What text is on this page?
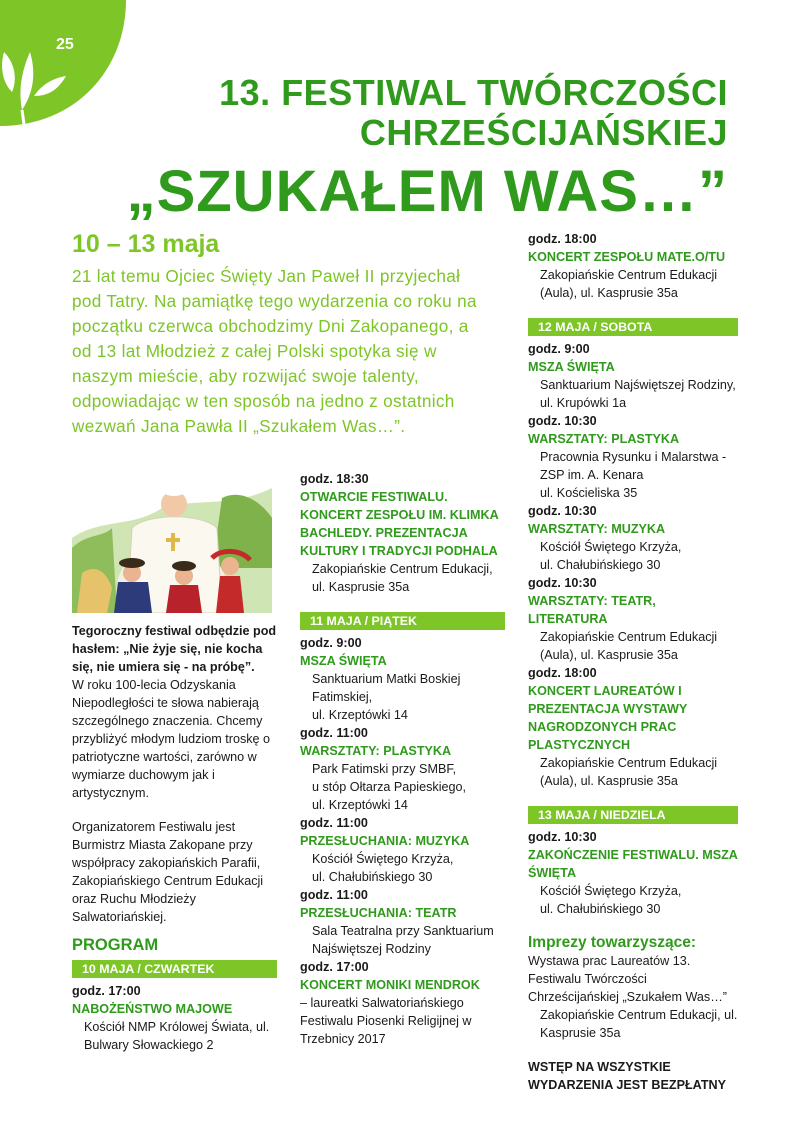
25
13. FESTIWAL TWÓRCZOŚCI
CHRZEŚCIJAŃSKIEJ
„SZUKAŁEM WAS…”
10 – 13 maja
21 lat temu Ojciec Święty Jan Paweł II przyjechał pod Tatry. Na pamiątkę tego wydarzenia co roku na początku czerwca obchodzimy Dni Zakopanego, a od 13 lat Młodzież z całej Polski spotyka się w naszym mieście, aby rozwijać swoje talenty, odpowiadając w ten sposób na jedno z ostatnich wezwań Jana Pawła II „Szukałem Was…”.
Tegoroczny festiwal odbędzie pod hasłem: „Nie żyje się, nie kocha się, nie umiera się - na próbę”.
W roku 100-lecia Odzyskania Niepodległości te słowa nabierają szczególnego znaczenia. Chcemy przybliżyć młodym ludziom troskę o patriotyczne wartości, zarówno w wymiarze duchowym jak i artystycznym.
Organizatorem Festiwalu jest Burmistrz Miasta Zakopane przy współpracy zakopiańskich Parafii, Zakopiańskiego Centrum Edukacji oraz Ruchu Młodzieży Salwatoriańskiej.
PROGRAM
10 MAJA / CZWARTEK
godz. 17:00
NABOŻEŃSTWO MAJOWE
Kościół NMP Królowej Świata, ul. Bulwary Słowackiego 2
godz. 18:30
OTWARCIE FESTIWALU. KONCERT ZESPOŁU IM. KLIMKA BACHLEDY. PREZENTACJA KULTURY I TRADYCJI PODHALA
Zakopiańskie Centrum Edukacji, ul. Kasprusie 35a
11 MAJA / PIĄTEK
godz. 9:00
MSZA ŚWIĘTA
Sanktuarium Matki Boskiej Fatimskiej,
ul. Krzeptówki 14
godz. 11:00
WARSZTATY: PLASTYKA
Park Fatimski przy SMBF,
u stóp Ołtarza Papieskiego,
ul. Krzeptówki 14
godz. 11:00
PRZESŁUCHANIA: MUZYKA
Kościół Świętego Krzyża,
ul. Chałubińskiego 30
godz. 11:00
PRZESŁUCHANIA: TEATR
Sala Teatralna przy Sanktuarium Najświętszej Rodziny
godz. 17:00
KONCERT MONIKI MENDROK
– laureatki Salwatoriańskiego Festiwalu Piosenki Religijnej w Trzebnicy 2017
godz. 18:00
KONCERT ZESPOŁU MATE.O/TU
Zakopiańskie Centrum Edukacji (Aula), ul. Kasprusie 35a
12 MAJA / SOBOTA
godz. 9:00
MSZA ŚWIĘTA
Sanktuarium Najświętszej Rodziny, ul. Krupówki 1a
godz. 10:30
WARSZTATY: PLASTYKA
Pracownia Rysunku i Malarstwa - ZSP im. A. Kenara
ul. Kościeliska 35
godz. 10:30
WARSZTATY: MUZYKA
Kościół Świętego Krzyża,
ul. Chałubińskiego 30
godz. 10:30
WARSZTATY: TEATR, LITERATURA
Zakopiańskie Centrum Edukacji (Aula), ul. Kasprusie 35a
godz. 18:00
KONCERT LAUREATÓW I PREZENTACJA WYSTAWY NAGRODZONYCH PRAC PLASTYCZNYCH
Zakopiańskie Centrum Edukacji (Aula), ul. Kasprusie 35a
13 MAJA / NIEDZIELA
godz. 10:30
ZAKOŃCZENIE FESTIWALU. MSZA ŚWIĘTA
Kościół Świętego Krzyża,
ul. Chałubińskiego 30
Imprezy towarzyszące:
Wystawa prac Laureatów 13. Festiwalu Twórczości Chrześcijańskiej „Szukałem Was…”
Zakopiańskie Centrum Edukacji, ul. Kasprusie 35a
WSTĘP NA WSZYSTKIE WYDARZENIA JEST BEZPŁATNY
